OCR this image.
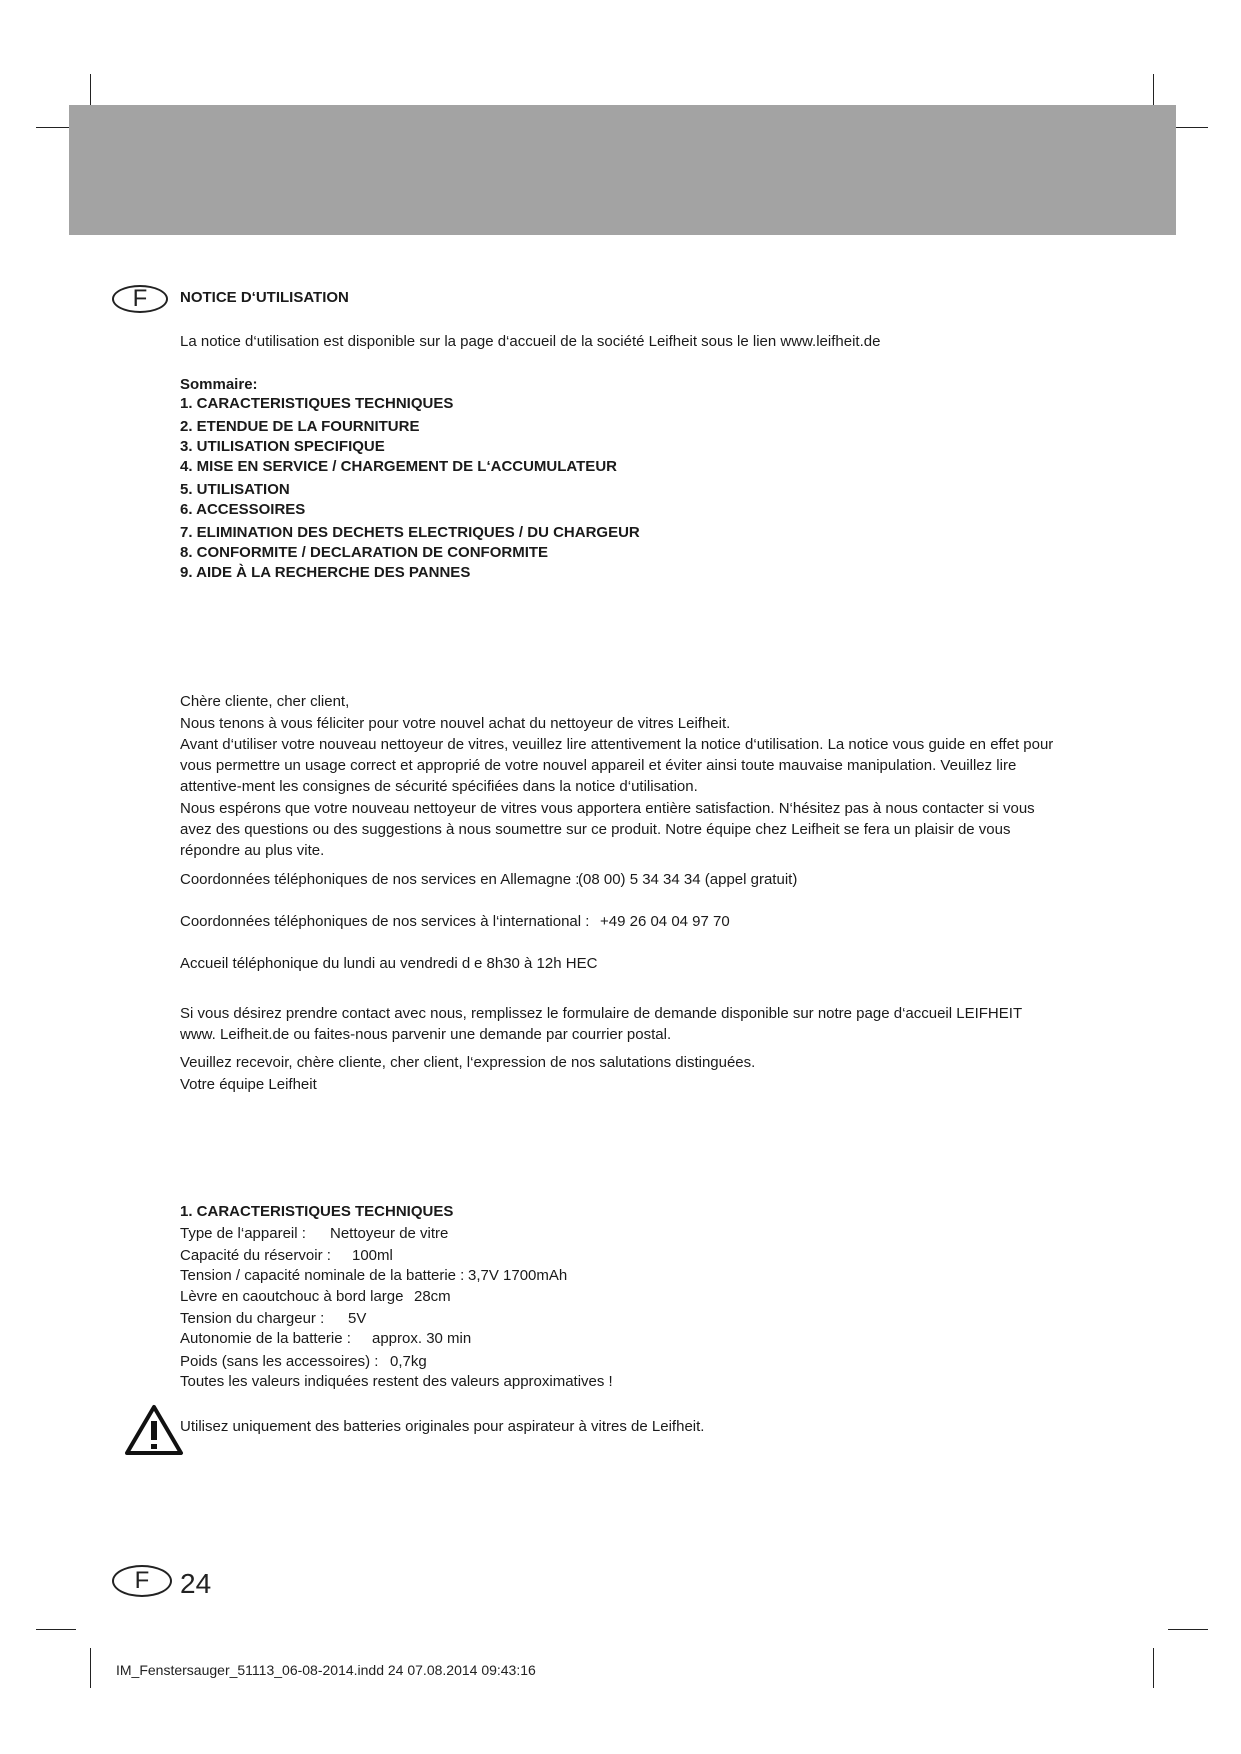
F	NOTICE D‘UTILISATION
La notice d‘utilisation est disponible sur la page d‘accueil de la société Leifheit sous le lien www.leifheit.de
Sommaire:
1. CARACTERISTIQUES TECHNIQUES
2. ETENDUE DE LA FOURNITURE
3. UTILISATION SPECIFIQUE
4. MISE EN SERVICE / CHARGEMENT DE L‘ACCUMULATEUR
5. UTILISATION
6. ACCESSOIRES
7. ELIMINATION DES DECHETS ELECTRIQUES / DU CHARGEUR
8. CONFORMITE / DECLARATION DE CONFORMITE
9. AIDE À LA RECHERCHE DES PANNES
Chère cliente, cher client,
Nous tenons à vous féliciter pour votre nouvel achat du nettoyeur de vitres Leifheit.
Avant d‘utiliser votre nouveau nettoyeur de vitres, veuillez lire attentivement la notice d‘utilisation. La notice vous guide en effet pour vous permettre un usage correct et approprié de votre nouvel appareil et éviter ainsi toute mauvaise manipulation. Veuillez lire attentive-ment les consignes de sécurité spécifiées dans la notice d‘utilisation.
Nous espérons que votre nouveau nettoyeur de vitres vous apportera entière satisfaction. N‘hésitez pas à nous contacter si vous avez des questions ou des suggestions à nous soumettre sur ce produit. Notre équipe chez Leifheit se fera un plaisir de vous répondre au plus vite.
Coordonnées téléphoniques de nos services en Allemagne :
(08 00) 5 34 34 34 (appel gratuit)
Coordonnées téléphoniques de nos services à l‘international : +49 26 04 04 97 70
Accueil téléphonique du lundi au vendredi d e 8h30 à 12h HEC
Si vous désirez prendre contact avec nous, remplissez le formulaire de demande disponible sur notre page d‘accueil LEIFHEIT www. Leifheit.de ou faites-nous parvenir une demande par courrier postal.
Veuillez recevoir, chère cliente, cher client, l‘expression de nos salutations distinguées.
Votre équipe Leifheit
1. CARACTERISTIQUES TECHNIQUES
Type de l‘appareil : Nettoyeur de vitre
Capacité du réservoir : 100ml
Tension / capacité nominale de la batterie : 3,7V 1700mAh
Lèvre en caoutchouc à bord large 28cm
Tension du chargeur : 5V
Autonomie de la batterie : approx. 30 min
Poids (sans les accessoires) : 0,7kg
Toutes les valeurs indiquées restent des valeurs approximatives !
Utilisez uniquement des batteries originales pour aspirateur à vitres de Leifheit.
F	24
IM_Fenstersauger_51113_06-08-2014.indd 24 07.08.2014 09:43:16
